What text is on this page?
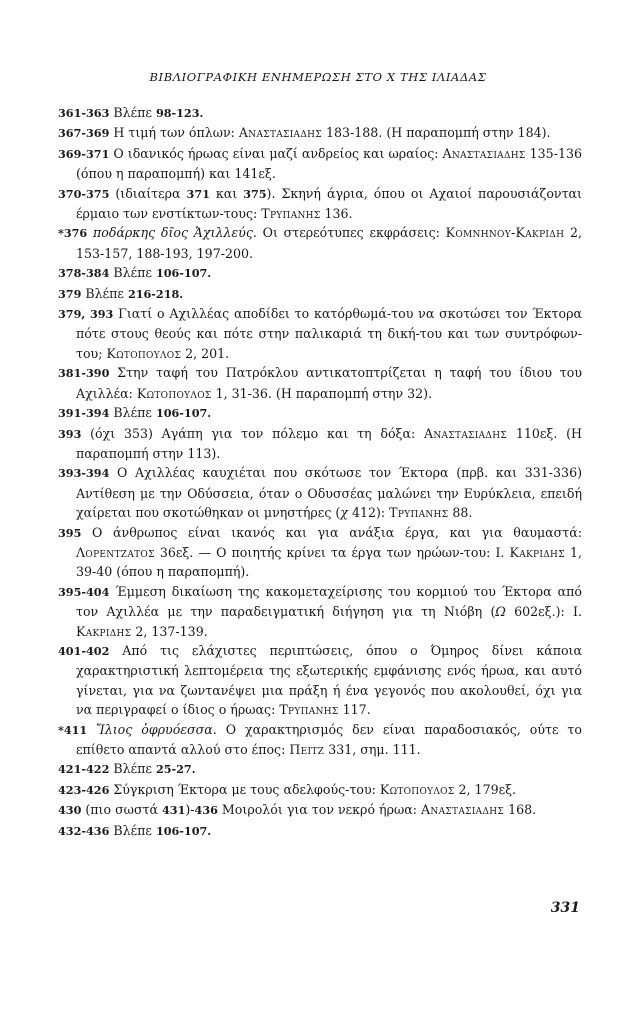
ΒΙΒΛΙΟΓΡΑΦΙΚΗ ΕΝΗΜΕΡΩΣΗ ΣΤΟ Χ ΤΗΣ ΙΛΙΑΔΑΣ
361-363 Βλέπε 98-123.
367-369 Η τιμή των όπλων: Αναστασιαδης 183-188. (Η παραπομπή στην 184).
369-371 Ο ιδανικός ήρωας είναι μαζί ανδρείος και ωραίος: Αναστασιαδης 135-136 (όπου η παραπομπή) και 141εξ.
370-375 (ιδιαίτερα 371 και 375). Σκηνή άγρια, όπου οι Αχαιοί παρουσιάζονται έρμαιο των ενστίκτων-τους: Τρυπανης 136.
*376 ποδάρκης δῖος Ἀχιλλεύς. Οι στερεότυπες εκφράσεις: Κομνηνου-Κακριδη 2, 153-157, 188-193, 197-200.
378-384 Βλέπε 106-107.
379 Βλέπε 216-218.
379, 393 Γιατί ο Αχιλλέας αποδίδει το κατόρθωμά-του να σκοτώσει τον Έκτορα πότε στους θεούς και πότε στην παλικαριά τη δική-του και των συντρόφων-του; Κωτοπουλος 2, 201.
381-390 Στην ταφή του Πατρόκλου αντικατοπτρίζεται η ταφή του ίδιου του Αχιλλέα: Κωτοπουλος 1, 31-36. (Η παραπομπή στην 32).
391-394 Βλέπε 106-107.
393 (όχι 353) Αγάπη για τον πόλεμο και τη δόξα: Αναστασιαδης 110εξ. (Η παραπομπή στην 113).
393-394 Ο Αχιλλέας καυχιέται που σκότωσε τον Έκτορα (πρβ. και 331-336) Αντίθεση με την Οδύσσεια, όταν ο Οδυσσέας μαλώνει την Ευρύκλεια, επειδή χαίρεται που σκοτώθηκαν οι μνηστήρες (χ 412): Τρυπανης 88.
395 Ο άνθρωπος είναι ικανός και για ανάξια έργα, και για θαυμαστά: Λορεντζατος 36εξ. — Ο ποιητής κρίνει τα έργα των ηρώων-του: Ι. Κακριδης 1, 39-40 (όπου η παραπομπή).
395-404 Έμμεση δικαίωση της κακομεταχείρισης του κορμιού του Έκτορα από τον Αχιλλέα με την παραδειγματική διήγηση για τη Νιόβη (Ω 602εξ.): Ι. Κακριδης 2, 137-139.
401-402 Από τις ελάχιστες περιπτώσεις, όπου ο Όμηρος δίνει κάποια χαρακτηριστική λεπτομέρεια της εξωτερικής εμφάνισης ενός ήρωα, και αυτό γίνεται, για να ζωντανέψει μια πράξη ή ένα γεγονός που ακολουθεί, όχι για να περιγραφεί ο ίδιος ο ήρωας: Τρυπανης 117.
*411 Ἴλιος ὀφρυόεσσα. Ο χαρακτηρισμός δεν είναι παραδοσιακός, ούτε το επίθετο απαντά αλλού στο έπος: Πειτζ 331, σημ. 111.
421-422 Βλέπε 25-27.
423-426 Σύγκριση Έκτορα με τους αδελφούς-του: Κωτοπουλος 2, 179εξ.
430 (πιο σωστά 431)-436 Μοιρολόι για τον νεκρό ήρωα: Αναστασιαδης 168.
432-436 Βλέπε 106-107.
331
